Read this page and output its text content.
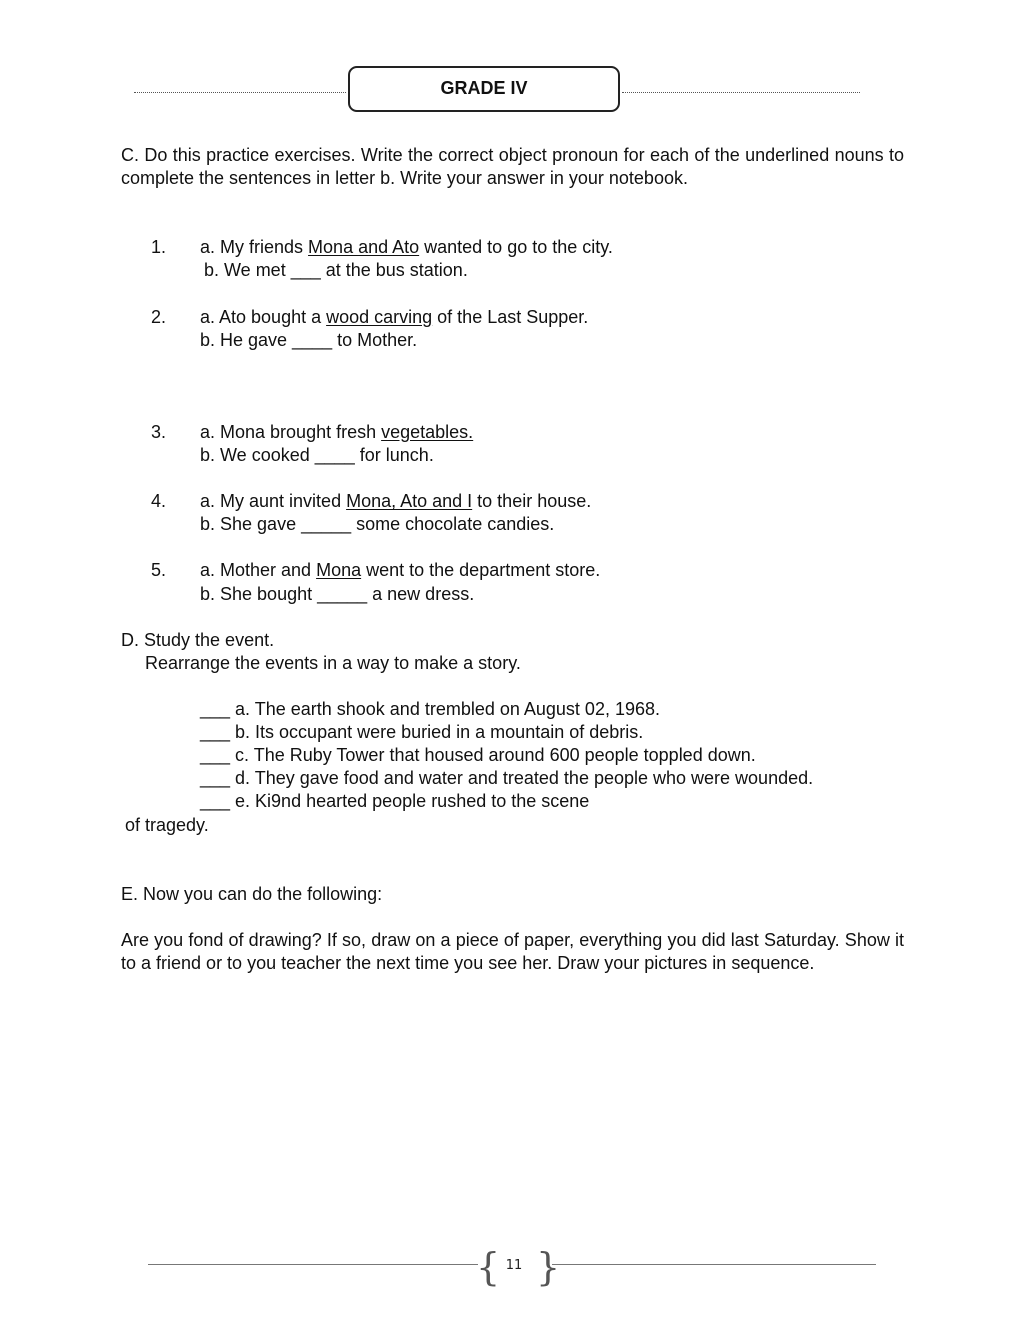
GRADE IV
C. Do this practice exercises. Write the correct object pronoun for each of the underlined nouns to complete the sentences in letter b. Write your answer in your notebook.
1. a. My friends Mona and Ato wanted to go to the city.
b. We met ___ at the bus station.
2. a. Ato bought a wood carving of the Last Supper.
b. He gave ____ to Mother.
3. a. Mona brought fresh vegetables.
b. We cooked ____ for lunch.
4. a. My aunt invited Mona, Ato and I to their house.
b. She gave _____ some chocolate candies.
5. a. Mother and Mona went to the department store.
b. She bought _____ a new dress.
D. Study the event.
Rearrange the events in a way to make a story.
___ a. The earth shook and trembled on August 02, 1968.
___ b. Its occupant were buried in a mountain of debris.
___ c. The Ruby Tower that housed around 600 people toppled down.
___ d. They gave food and water and treated the people who were wounded.
___ e. Ki9nd hearted people rushed to the scene
of tragedy.
E. Now you can do the following:
Are you fond of drawing? If so, draw on a piece of paper, everything you did last Saturday. Show it to a friend or to you teacher the next time you see her. Draw your pictures in sequence.
{ }
11
